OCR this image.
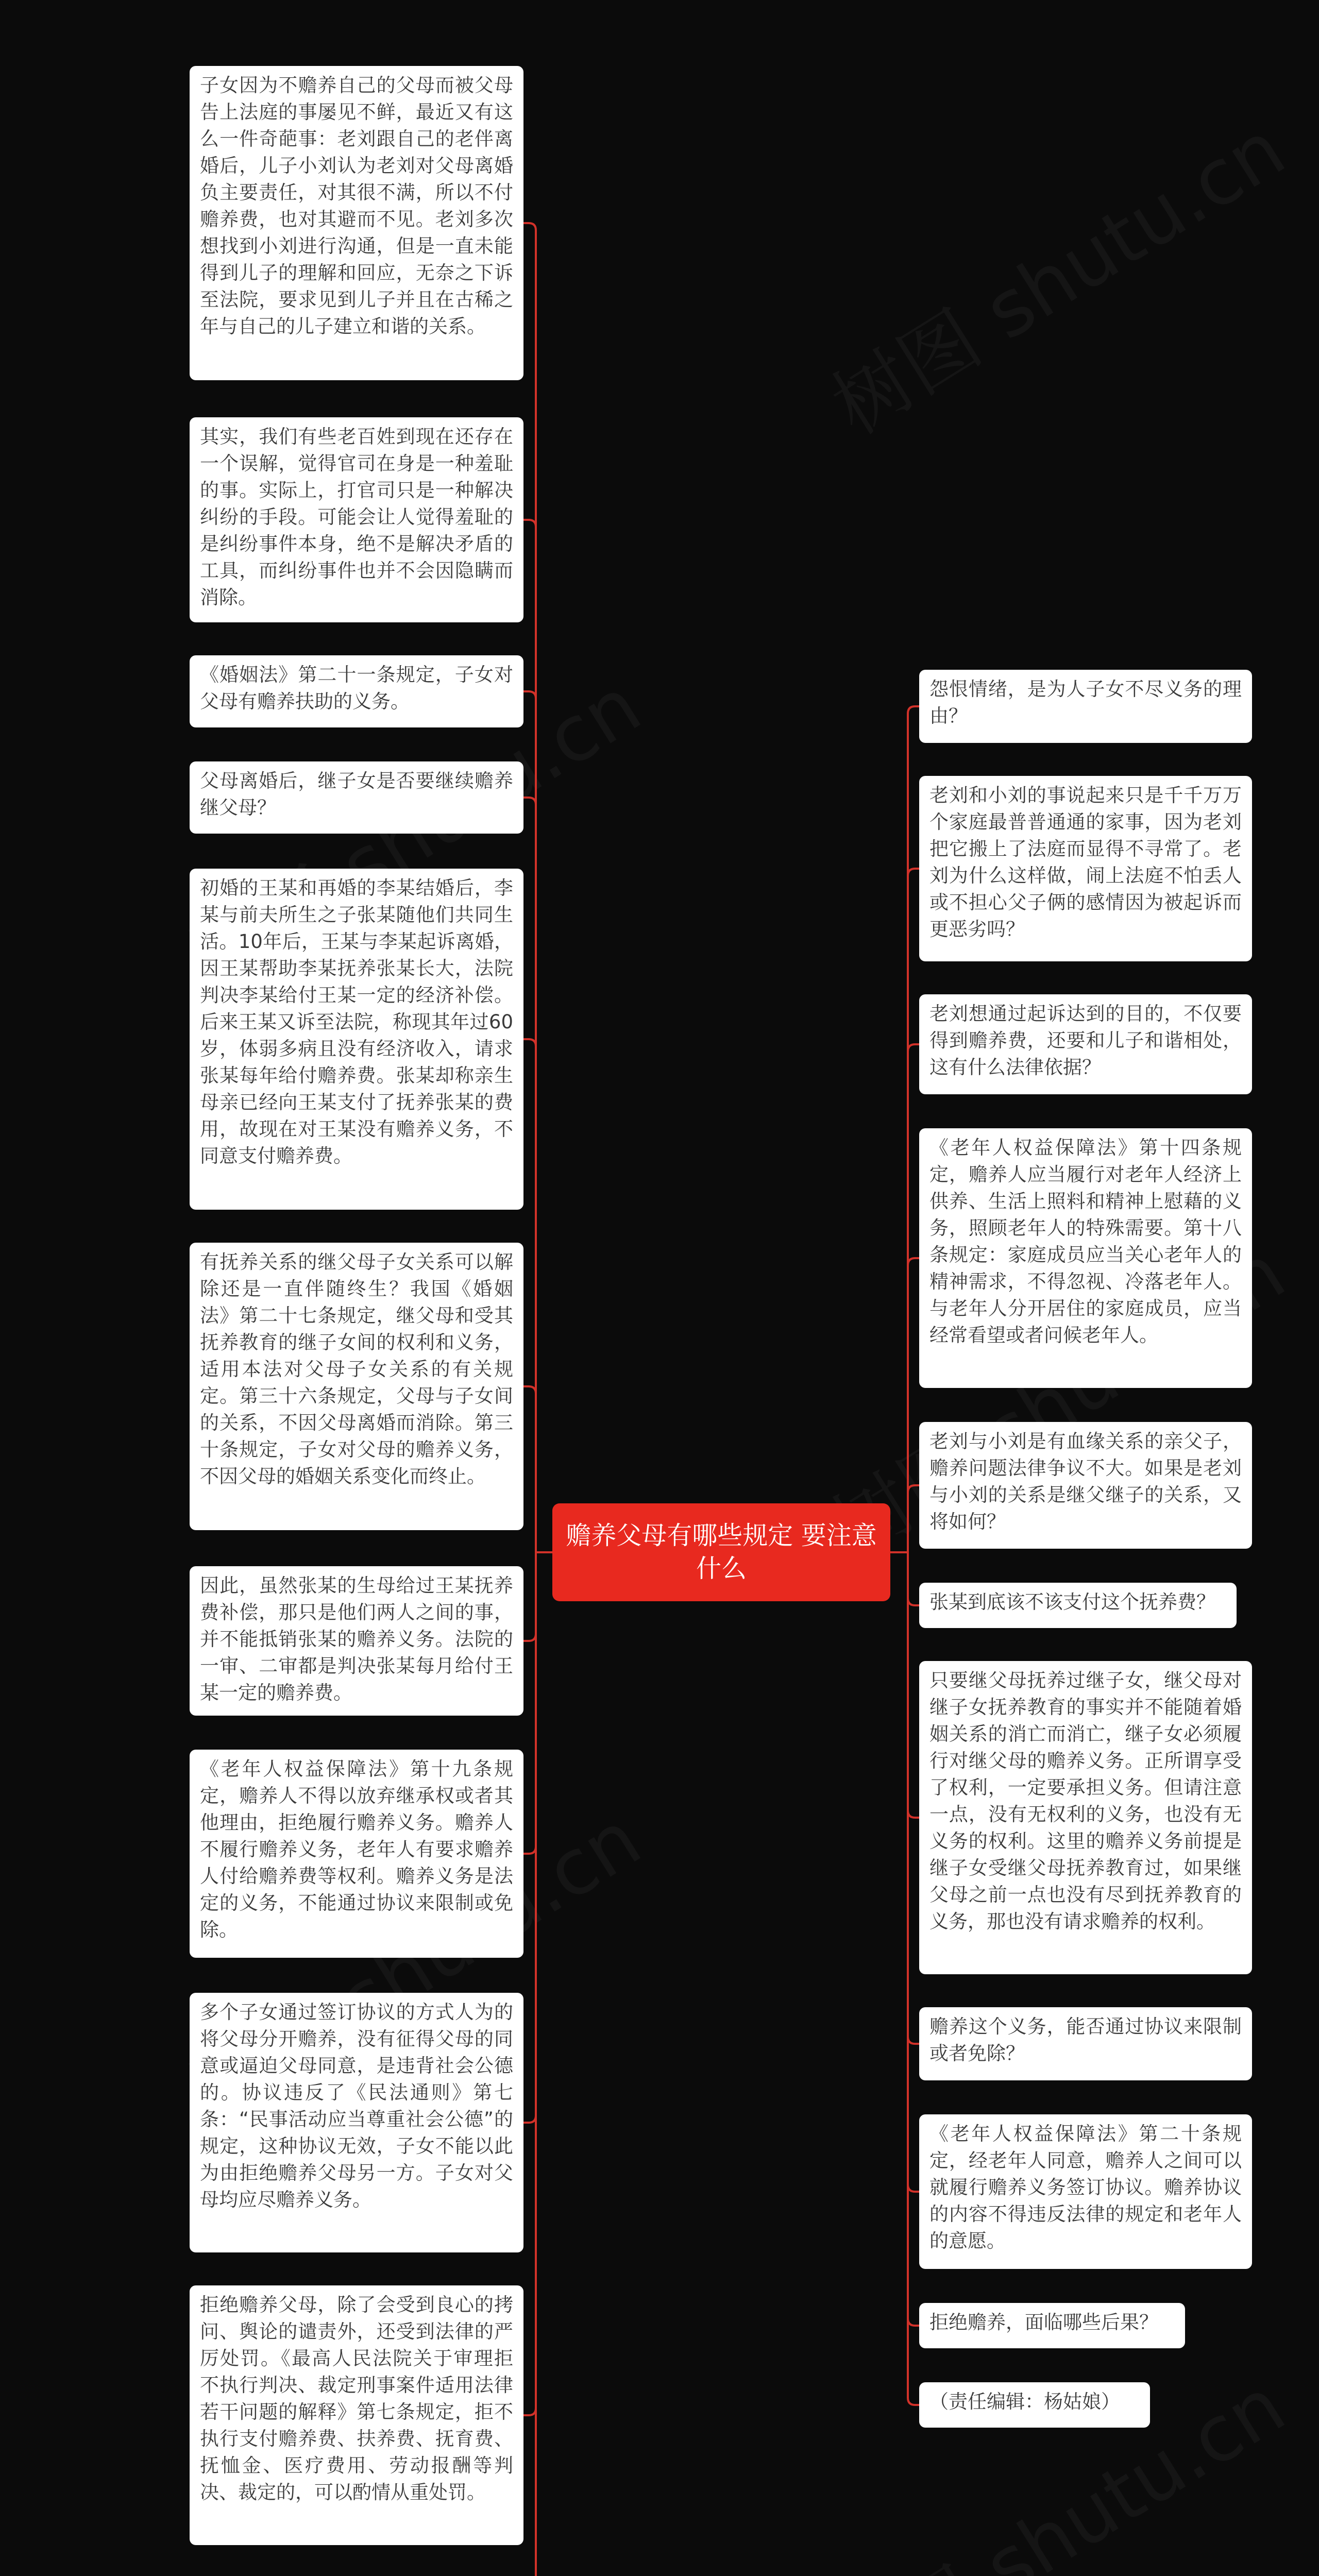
赡养父母有哪些规定 要注意什么
子女因为不赡养自己的父母而被父母告上法庭的事屡见不鲜，最近又有这么一件奇葩事：老刘跟自己的老伴离婚后，儿子小刘认为老刘对父母离婚负主要责任，对其很不满，所以不付赡养费，也对其避而不见。老刘多次想找到小刘进行沟通，但是一直未能得到儿子的理解和回应，无奈之下诉至法院，要求见到儿子并且在古稀之年与自己的儿子建立和谐的关系。
其实，我们有些老百姓到现在还存在一个误解，觉得官司在身是一种羞耻的事。实际上，打官司只是一种解决纠纷的手段。可能会让人觉得羞耻的是纠纷事件本身，绝不是解决矛盾的工具，而纠纷事件也并不会因隐瞒而消除。
《婚姻法》第二十一条规定，子女对父母有赡养扶助的义务。
父母离婚后，继子女是否要继续赡养继父母？
初婚的王某和再婚的李某结婚后，李某与前夫所生之子张某随他们共同生活。10年后，王某与李某起诉离婚，因王某帮助李某抚养张某长大，法院判决李某给付王某一定的经济补偿。后来王某又诉至法院，称现其年过60岁，体弱多病且没有经济收入，请求张某每年给付赡养费。张某却称亲生母亲已经向王某支付了抚养张某的费用，故现在对王某没有赡养义务，不同意支付赡养费。
有抚养关系的继父母子女关系可以解除还是一直伴随终生？我国《婚姻法》第二十七条规定，继父母和受其抚养教育的继子女间的权利和义务，适用本法对父母子女关系的有关规定。第三十六条规定，父母与子女间的关系，不因父母离婚而消除。第三十条规定，子女对父母的赡养义务，不因父母的婚姻关系变化而终止。
因此，虽然张某的生母给过王某抚养费补偿，那只是他们两人之间的事，并不能抵销张某的赡养义务。法院的一审、二审都是判决张某每月给付王某一定的赡养费。
《老年人权益保障法》第十九条规定，赡养人不得以放弃继承权或者其他理由，拒绝履行赡养义务。赡养人不履行赡养义务，老年人有要求赡养人付给赡养费等权利。赡养义务是法定的义务，不能通过协议来限制或免除。
多个子女通过签订协议的方式人为的将父母分开赡养，没有征得父母的同意或逼迫父母同意，是违背社会公德的。协议违反了《民法通则》第七条：“民事活动应当尊重社会公德”的规定，这种协议无效，子女不能以此为由拒绝赡养父母另一方。子女对父母均应尽赡养义务。
拒绝赡养父母，除了会受到良心的拷问、舆论的谴责外，还受到法律的严厉处罚。《最高人民法院关于审理拒不执行判决、裁定刑事案件适用法律若干问题的解释》第七条规定，拒不执行支付赡养费、扶养费、抚育费、抚恤金、医疗费用、劳动报酬等判决、裁定的，可以酌情从重处罚。
怨恨情绪，是为人子女不尽义务的理由？
老刘和小刘的事说起来只是千千万万个家庭最普普通通的家事，因为老刘把它搬上了法庭而显得不寻常了。老刘为什么这样做，闹上法庭不怕丢人或不担心父子俩的感情因为被起诉而更恶劣吗？
老刘想通过起诉达到的目的，不仅要得到赡养费，还要和儿子和谐相处，这有什么法律依据？
《老年人权益保障法》第十四条规定，赡养人应当履行对老年人经济上供养、生活上照料和精神上慰藉的义务，照顾老年人的特殊需要。第十八条规定：家庭成员应当关心老年人的精神需求，不得忽视、冷落老年人。与老年人分开居住的家庭成员，应当经常看望或者问候老年人。
老刘与小刘是有血缘关系的亲父子，赡养问题法律争议不大。如果是老刘与小刘的关系是继父继子的关系，又将如何？
张某到底该不该支付这个抚养费？
只要继父母抚养过继子女，继父母对继子女抚养教育的事实并不能随着婚姻关系的消亡而消亡，继子女必须履行对继父母的赡养义务。正所谓享受了权利，一定要承担义务。但请注意一点，没有无权利的义务，也没有无义务的权利。这里的赡养义务前提是继子女受继父母抚养教育过，如果继父母之前一点也没有尽到抚养教育的义务，那也没有请求赡养的权利。
赡养这个义务，能否通过协议来限制或者免除？
《老年人权益保障法》第二十条规定，经老年人同意，赡养人之间可以就履行赡养义务签订协议。赡养协议的内容不得违反法律的规定和老年人的意愿。
拒绝赡养，面临哪些后果？
（责任编辑：杨姑娘）
